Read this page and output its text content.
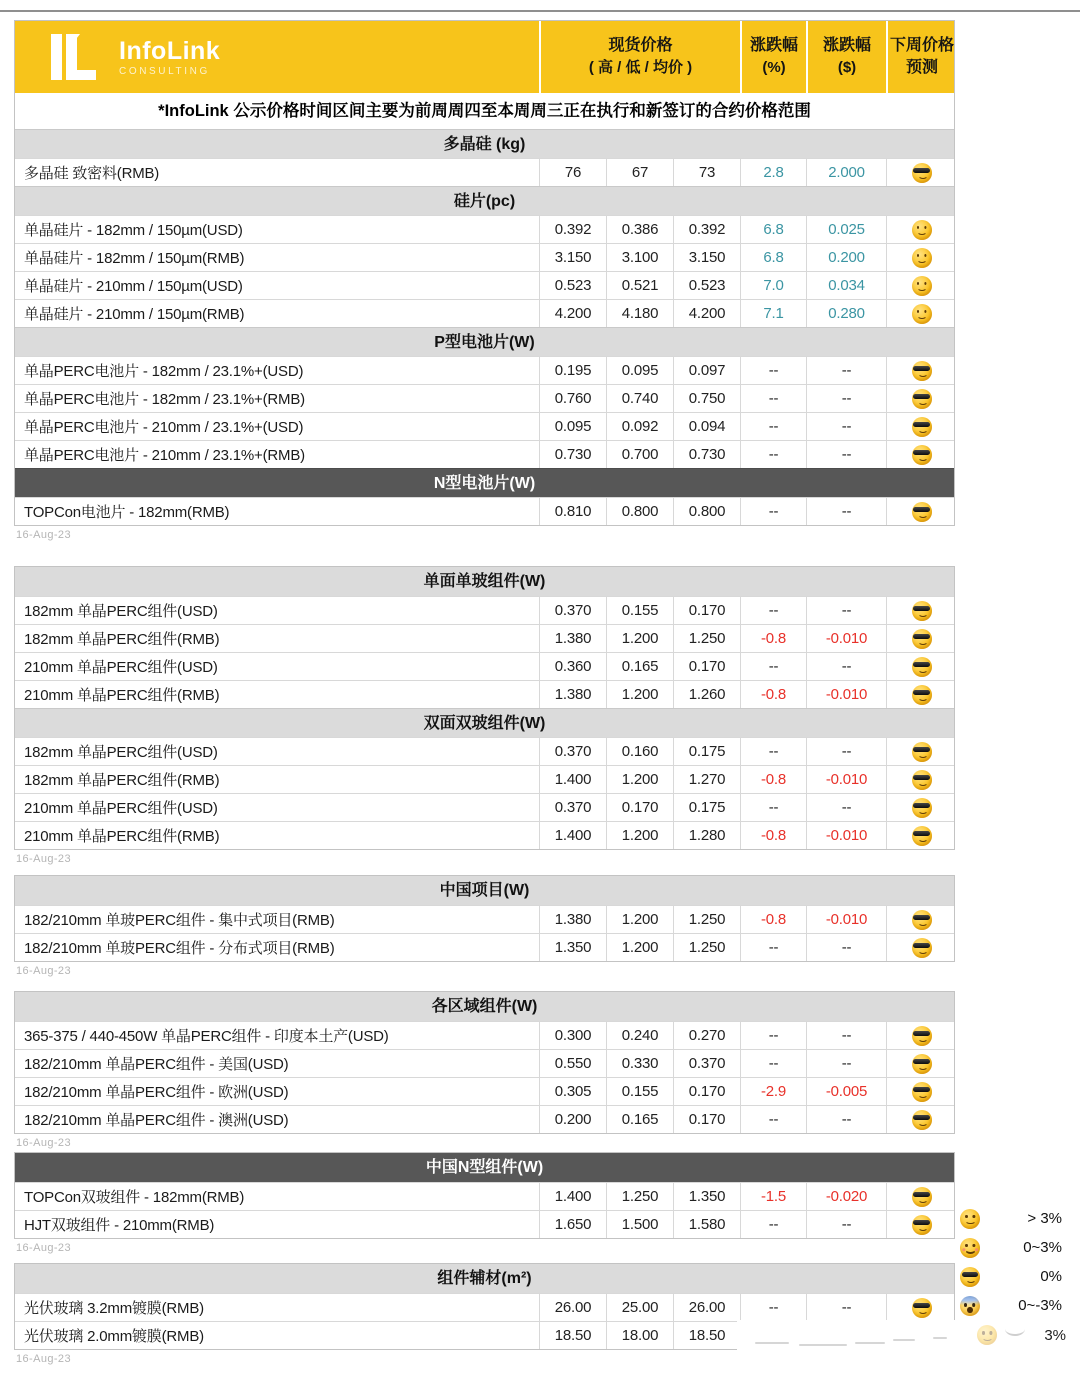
InfoLink
CONSULTING
现货价格
( 高 / 低 / 均价 )
涨跌幅
(%)
涨跌幅
($)
下周价格
预测
*InfoLink 公示价格时间区间主要为前周周四至本周周三正在执行和新签订的合约价格范围
多晶硅 (kg)
多晶硅 致密料(RMB)	76	67	73	2.8	2.000
硅片(pc)
单晶硅片 - 182mm / 150µm(USD)	0.392	0.386	0.392	6.8	0.025
单晶硅片 - 182mm / 150µm(RMB)	3.150	3.100	3.150	6.8	0.200
单晶硅片 - 210mm / 150µm(USD)	0.523	0.521	0.523	7.0	0.034
单晶硅片 - 210mm / 150µm(RMB)	4.200	4.180	4.200	7.1	0.280
P型电池片(W)
单晶PERC电池片 - 182mm / 23.1%+(USD)	0.195	0.095	0.097	--	--
单晶PERC电池片 - 182mm / 23.1%+(RMB)	0.760	0.740	0.750	--	--
单晶PERC电池片 - 210mm / 23.1%+(USD)	0.095	0.092	0.094	--	--
单晶PERC电池片 - 210mm / 23.1%+(RMB)	0.730	0.700	0.730	--	--
N型电池片(W)
TOPCon电池片 - 182mm(RMB)	0.810	0.800	0.800	--	--
16-Aug-23
单面单玻组件(W)
182mm 单晶PERC组件(USD)	0.370	0.155	0.170	--	--
182mm 单晶PERC组件(RMB)	1.380	1.200	1.250	-0.8	-0.010
210mm 单晶PERC组件(USD)	0.360	0.165	0.170	--	--
210mm 单晶PERC组件(RMB)	1.380	1.200	1.260	-0.8	-0.010
双面双玻组件(W)
182mm 单晶PERC组件(USD)	0.370	0.160	0.175	--	--
182mm 单晶PERC组件(RMB)	1.400	1.200	1.270	-0.8	-0.010
210mm 单晶PERC组件(USD)	0.370	0.170	0.175	--	--
210mm 单晶PERC组件(RMB)	1.400	1.200	1.280	-0.8	-0.010
16-Aug-23
中国项目(W)
182/210mm 单玻PERC组件 - 集中式项目(RMB)	1.380	1.200	1.250	-0.8	-0.010
182/210mm 单玻PERC组件 - 分布式项目(RMB)	1.350	1.200	1.250	--	--
16-Aug-23
各区域组件(W)
365-375 / 440-450W 单晶PERC组件 - 印度本土产(USD)	0.300	0.240	0.270	--	--
182/210mm 单晶PERC组件 - 美国(USD)	0.550	0.330	0.370	--	--
182/210mm 单晶PERC组件 - 欧洲(USD)	0.305	0.155	0.170	-2.9	-0.005
182/210mm 单晶PERC组件 - 澳洲(USD)	0.200	0.165	0.170	--	--
16-Aug-23
中国N型组件(W)
TOPCon双玻组件 - 182mm(RMB)	1.400	1.250	1.350	-1.5	-0.020
HJT双玻组件 - 210mm(RMB)	1.650	1.500	1.580	--	--
16-Aug-23
组件辅材(m²)
光伏玻璃 3.2mm镀膜(RMB)	26.00	25.00	26.00	--	--
光伏玻璃 2.0mm镀膜(RMB)	18.50	18.00	18.50
16-Aug-23
> 3%
0~3%
0%
0~-3%
3%
